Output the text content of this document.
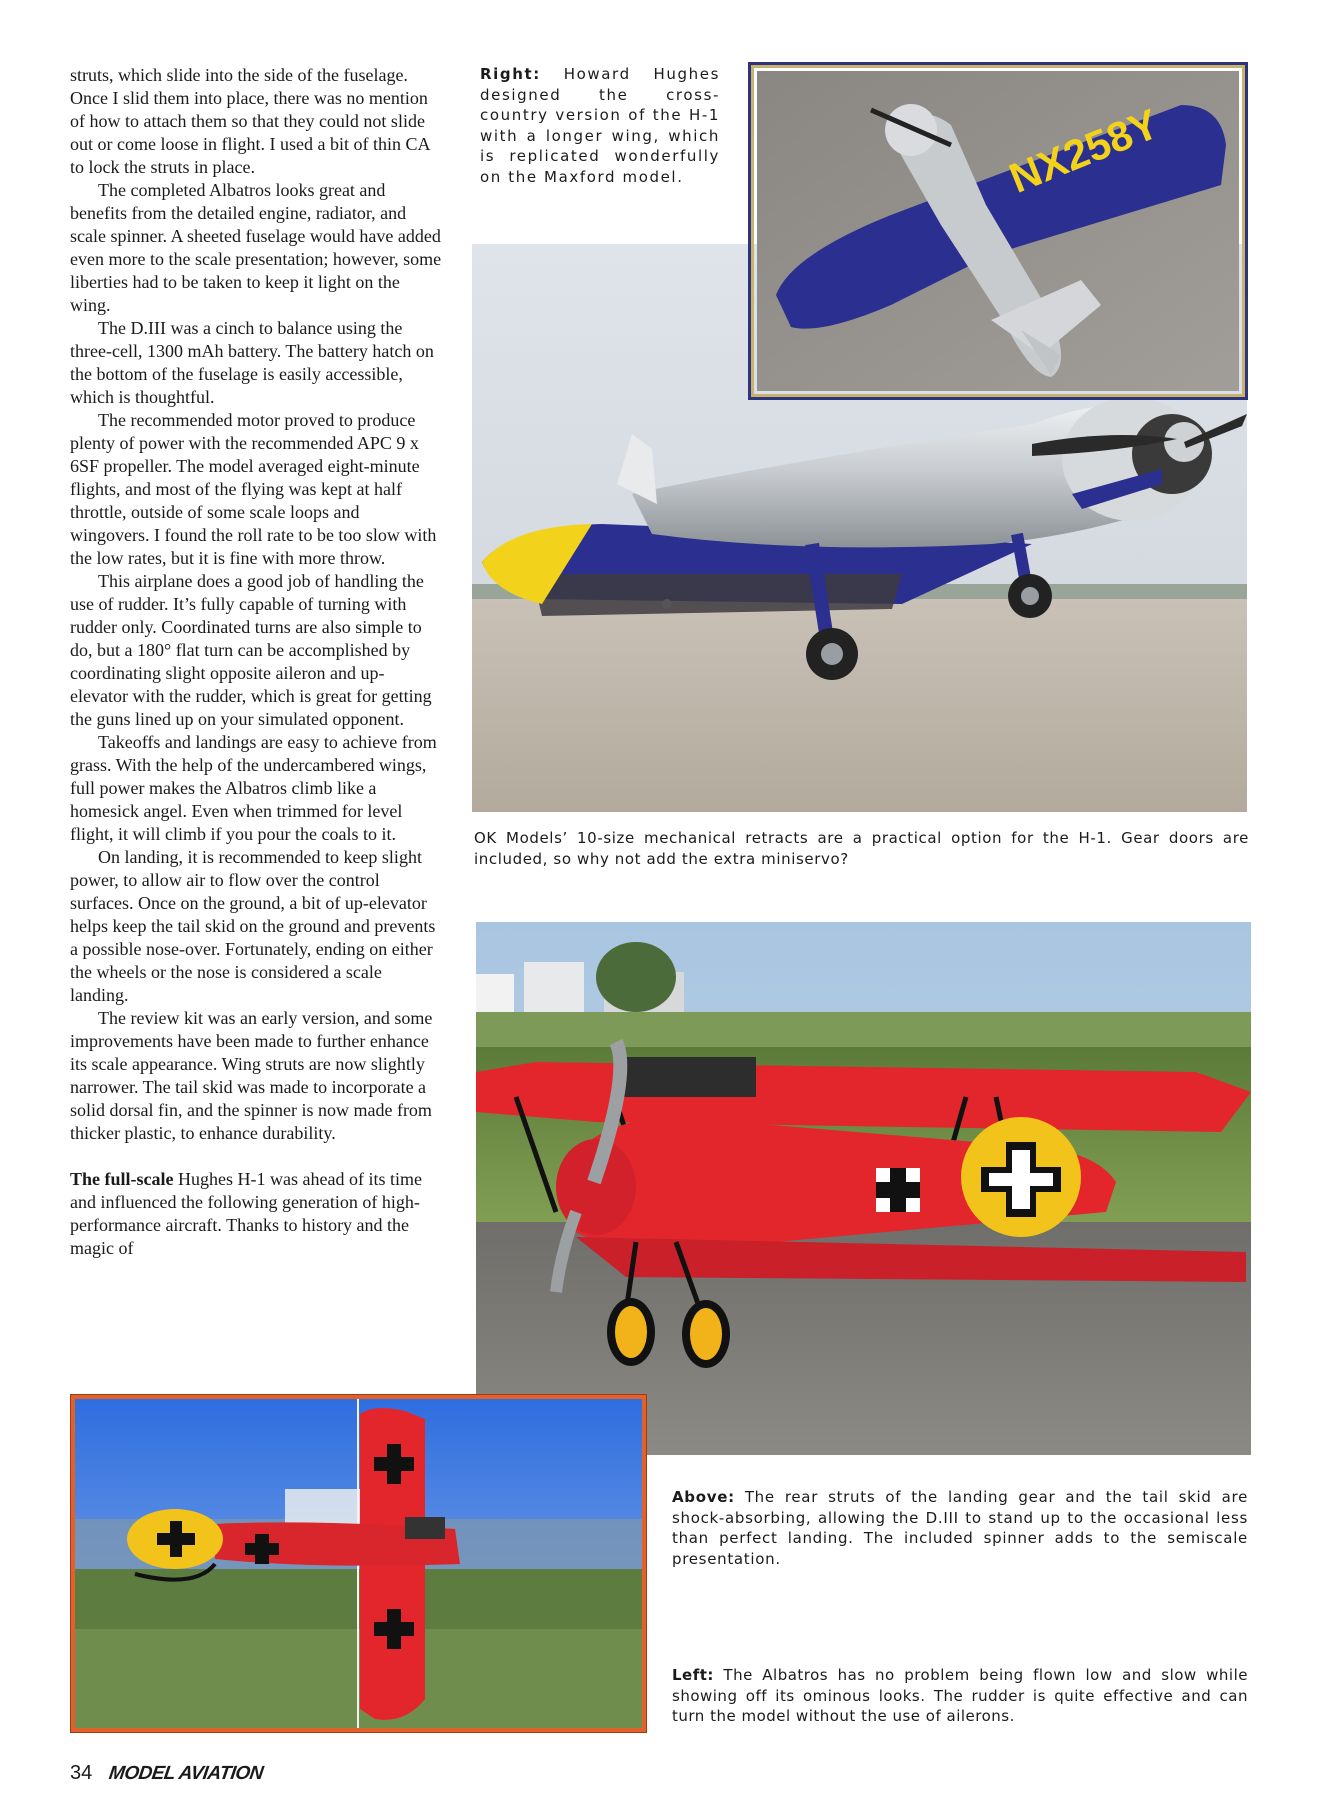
struts, which slide into the side of the fuselage. Once I slid them into place, there was no mention of how to attach them so that they could not slide out or come loose in flight. I used a bit of thin CA to lock the struts in place.

The completed Albatros looks great and benefits from the detailed engine, radiator, and scale spinner. A sheeted fuselage would have added even more to the scale presentation; however, some liberties had to be taken to keep it light on the wing.

The D.III was a cinch to balance using the three-cell, 1300 mAh battery. The battery hatch on the bottom of the fuselage is easily accessible, which is thoughtful.

The recommended motor proved to produce plenty of power with the recommended APC 9 x 6SF propeller. The model averaged eight-minute flights, and most of the flying was kept at half throttle, outside of some scale loops and wingovers. I found the roll rate to be too slow with the low rates, but it is fine with more throw.

This airplane does a good job of handling the use of rudder. It’s fully capable of turning with rudder only. Coordinated turns are also simple to do, but a 180° flat turn can be accomplished by coordinating slight opposite aileron and up-elevator with the rudder, which is great for getting the guns lined up on your simulated opponent.

Takeoffs and landings are easy to achieve from grass. With the help of the undercambered wings, full power makes the Albatros climb like a homesick angel. Even when trimmed for level flight, it will climb if you pour the coals to it.

On landing, it is recommended to keep slight power, to allow air to flow over the control surfaces. Once on the ground, a bit of up-elevator helps keep the tail skid on the ground and prevents a possible nose-over. Fortunately, ending on either the wheels or the nose is considered a scale landing.

The review kit was an early version, and some improvements have been made to further enhance its scale appearance. Wing struts are now slightly narrower. The tail skid was made to incorporate a solid dorsal fin, and the spinner is now made from thicker plastic, to enhance durability.

The full-scale Hughes H-1 was ahead of its time and influenced the following generation of high-performance aircraft. Thanks to history and the magic of

Right: Howard Hughes designed the cross-country version of the H-1 with a longer wing, which is replicated wonderfully on the Maxford model.	NX258Y
OK Models’ 10-size mechanical retracts are a practical option for the H-1. Gear doors are included, so why not add the extra miniservo?
Above: The rear struts of the landing gear and the tail skid are shock-absorbing, allowing the D.III to stand up to the occasional less than perfect landing. The included spinner adds to the semiscale presentation.
Left: The Albatros has no problem being flown low and slow while showing off its ominous looks. The rudder is quite effective and can turn the model without the use of ailerons.
34 MODEL AVIATION
